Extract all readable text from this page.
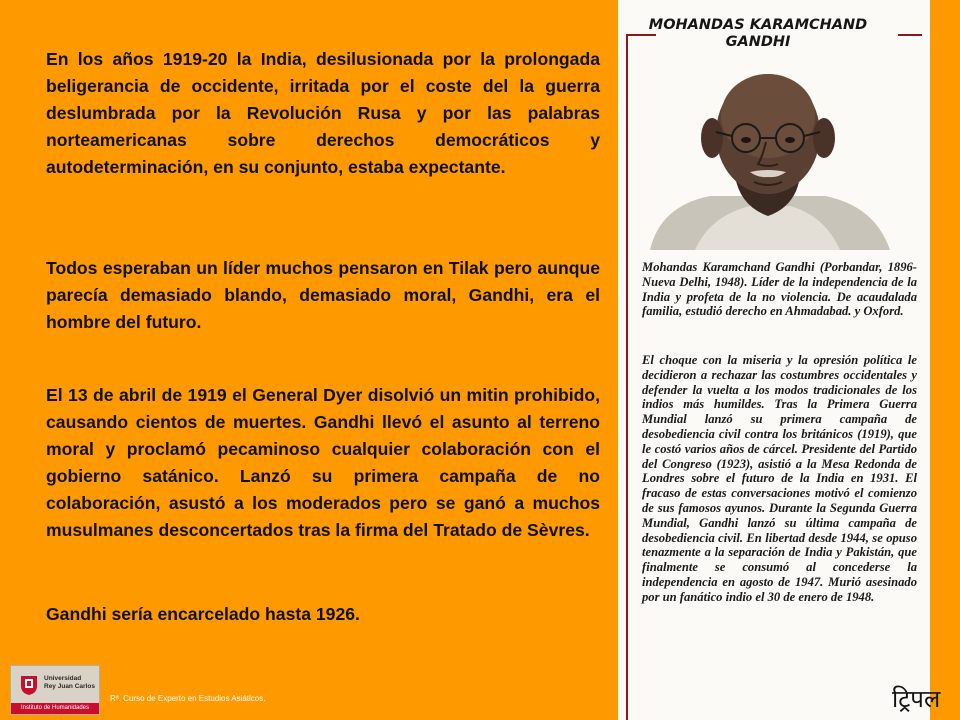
En los años 1919-20 la India, desilusionada por la prolongada beligerancia de occidente, irritada por el coste del la guerra deslumbrada por la Revolución Rusa y por las palabras norteamericanas sobre derechos democráticos y autodeterminación, en su conjunto, estaba expectante.

Todos esperaban un líder muchos pensaron en Tilak pero aunque parecía demasiado blando, demasiado moral, Gandhi, era el hombre del futuro.

El 13 de abril de 1919 el General Dyer disolvió un mitin prohibido, causando cientos de muertes. Gandhi llevó el asunto al terreno moral y proclamó pecaminoso cualquier colaboración con el gobierno satánico. Lanzó su primera campaña de no colaboración, asustó a los moderados pero se ganó a muchos musulmanes desconcertados tras la firma del Tratado de Sèvres.

Gandhi sería encarcelado hasta 1926.

Universidad
Rey Juan Carlos
Instituto de Humanidades
Rª. Curso de Experto en Estudios Asiáticos.
MOHANDAS KARAMCHAND
GANDHI

Mohandas Karamchand Gandhi (Porbandar, 1896-Nueva Delhi, 1948). Líder de la independencia de la India y profeta de la no violencia. De acaudalada familia, estudió derecho en Ahmadabad. y Oxford.

El choque con la miseria y la opresión política le decidieron a rechazar las costumbres occidentales y defender la vuelta a los modos tradicionales de los indios más humildes. Tras la Primera Guerra Mundial lanzó su primera campaña de desobediencia civil contra los británicos (1919), que le costó varios años de cárcel. Presidente del Partido del Congreso (1923), asistió a la Mesa Redonda de Londres sobre el futuro de la India en 1931. El fracaso de estas conversaciones motivó el comienzo de sus famosos ayunos. Durante la Segunda Guerra Mundial, Gandhi lanzó su última campaña de desobediencia civil. En libertad desde 1944, se opuso tenazmente a la separación de India y Pakistán, que finalmente se consumó al concederse la independencia en agosto de 1947. Murió asesinado por un fanático indio el 30 de enero de 1948.

ट्रिपल
